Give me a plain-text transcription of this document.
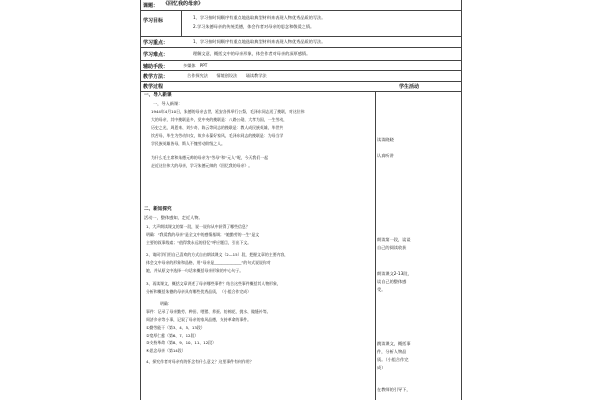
课题： 《回忆我的母亲》
学习目标
1、学习按时间顺序有重点地选取典型材料来表现人物优秀品质的写法。
2.学习朱德母亲的传统美德，体会作者对母亲的思念和敬爱之情。
学习重点：	1、学习按时间顺序有重点地选取典型材料来表现人物优秀品质的写法。
学习难点：	理解文意，概括文中的母亲形象，体会作者对母亲的深厚感情。
辅助手段：	多媒体　PPT
教学方法：	合作探究法　　情境创设法　　诵读教学法
教学过程	学生活动
一、导入新课
一，导入新课：
1944年4月10日，朱德的母亲去世，延安各界举行公祭，毛泽东同志送了挽联，对这位伟
大的母亲，其中挽联是多，党中央的挽联是：八路公勋，大孝为国，一生劳动，
历史之光，周恩来、刘少奇、陈云等同志的挽联是：教人成民族英雄，毕世共
饮苦母，毕生为劳动妇女，故乡永葆好家风，毛泽东同志的挽联是：为母当学
学民族英雄皆母，斯人不愧劳动阶级之人。
为什么毛主席和朱德元帅的母亲为“劳母”和“元人”呢，今天我们一起
走近这位伟大的母亲，学习朱德元帅的《回忆我的母亲》。
二、新知探究
活动一，整体感知，走近人物。
1、大声朗读课文的第一段，说一说你从中获得了哪些信息？
明确：“我爱我的母亲”是全文中的感情基调；“她勤劳的一生”是文
主要的叙事线索；“值得我永远的回忆”呼应题目，引出下文。
2、请同学们用自己喜欢的方式自由朗读课文（2—15）段，把握文章的主要内容，
体会文中母亲的形象和品格，用“母亲是______________”的句式说说你对
她，并从原文中选择一句话来概括母亲形象的中心句子。
3、再读课文，概括文章讲述了母亲哪些事件？结合这些事件概括其人物形象，
分析和概括朱德的母亲具有哪些优秀品质，（小组合作完成）
明确：
事件：记录了母亲勤劳、种田、喂猪、养蚕、纺棉花、挑水、做缝补等。
周济乡亲等小事，记叙了母亲的家风品德，支持革命的事件。
①勤劳能干（第3、4、5、13段）
②宽厚仁慈（第6、7、12段）
③支持革命（第8、9、10、11、12段）
④思念母亲（第14段）
4、探究作者对母亲有的怀念有什么意义？这里事件有何作用？
读读晓晓
认真听讲
朗读第一段，谈谈
自己的阅读收获
朗读课文2-13段，
谈自己的整体感
受。
跳读课文，概括事
件，分析人物品
质。（小组合作完
成）
在教师的引导下，
